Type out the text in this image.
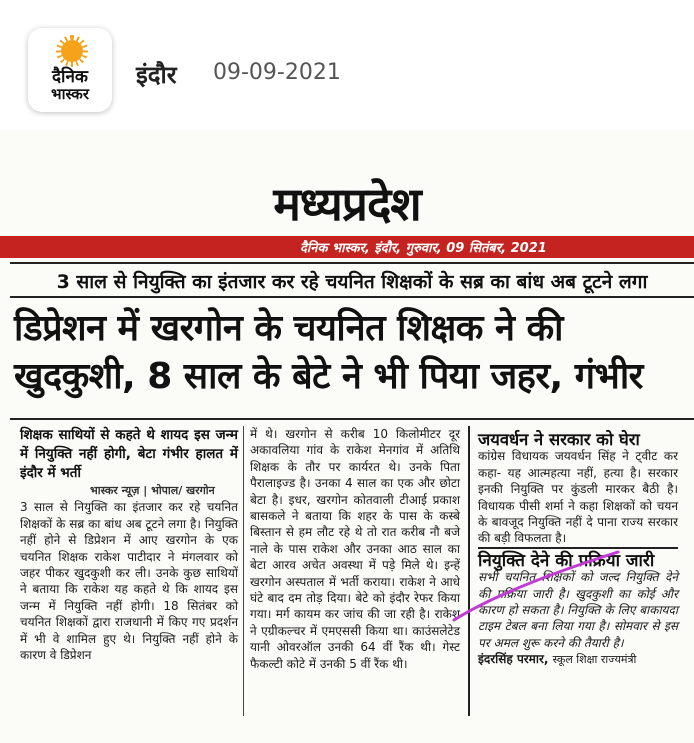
दैनिक
भास्कर
इंदौर 09-09-2021
मध्यप्रदेश
दैनिक भास्कर, इंदौर, गुरुवार, 09 सितंबर, 2021
3 साल से नियुक्ति का इंतजार कर रहे चयनित शिक्षकों के सब्र का बांध अब टूटने लगा
डिप्रेशन में खरगोन के चयनित शिक्षक ने की
खुदकुशी, 8 साल के बेटे ने भी पिया जहर, गंभीर

शिक्षक साथियों से कहते थे शायद इस जन्म में नियुक्ति नहीं होगी, बेटा गंभीर हालत में इंदौर में भर्ती

भास्कर न्यूज़ | भोपाल/ खरगोन

3 साल से नियुक्ति का इंतजार कर रहे चयनित शिक्षकों के सब्र का बांध अब टूटने लगा है। नियुक्ति नहीं होने से डिप्रेशन में आए खरगोन के एक चयनित शिक्षक राकेश पाटीदार ने मंगलवार को जहर पीकर खुदकुशी कर ली। उनके कुछ साथियों ने बताया कि राकेश यह कहते थे कि शायद इस जन्म में नियुक्ति नहीं होगी। 18 सितंबर को चयनित शिक्षकों द्वारा राजधानी में किए गए प्रदर्शन में भी वे शामिल हुए थे। नियुक्ति नहीं होने के कारण वे डिप्रेशन

में थे। खरगोन से करीब 10 किलोमीटर दूर अकावलिया गांव के राकेश मेनगांव में अतिथि शिक्षक के तौर पर कार्यरत थे। उनके पिता पैरालाइज्ड है। उनका 4 साल का एक और छोटा बेटा है। इधर, खरगोन कोतवाली टीआई प्रकाश बासकले ने बताया कि शहर के पास के कस्बे बिस्तान से हम लौट रहे थे तो रात करीब नौ बजे नाले के पास राकेश और उनका आठ साल का बेटा आरव अचेत अवस्था में पड़े मिले थे। इन्हें खरगोन अस्पताल में भर्ती कराया। राकेश ने आधे घंटे बाद दम तोड़ दिया। बेटे को इंदौर रेफर किया गया। मर्ग कायम कर जांच की जा रही है। राकेश ने एग्रीकल्चर में एमएससी किया था। काउंसलेटेड यानी ओवरऑल उनकी 64 वीं रैंक थी। गेस्ट फैकल्टी कोटे में उनकी 5 वीं रैंक थी।

जयवर्धन ने सरकार को घेरा

कांग्रेस विधायक जयवर्धन सिंह ने ट्वीट कर कहा- यह आत्महत्या नहीं, हत्या है। सरकार इनकी नियुक्ति पर कुंडली मारकर बैठी है। विधायक पीसी शर्मा ने कहा शिक्षकों को चयन के बावजूद नियुक्ति नहीं दे पाना राज्य सरकार की बड़ी विफलता है।

नियुक्ति देने की प्रक्रिया जारी

सभी चयनित शिक्षकों को जल्द नियुक्ति देने की प्रक्रिया जारी है। खुदकुशी का कोई और कारण हो सकता है। नियुक्ति के लिए बाकायदा टाइम टेबल बना लिया गया है। सोमवार से इस पर अमल शुरू करने की तैयारी है।

इंदरसिंह परमार, स्कूल शिक्षा राज्यमंत्री
